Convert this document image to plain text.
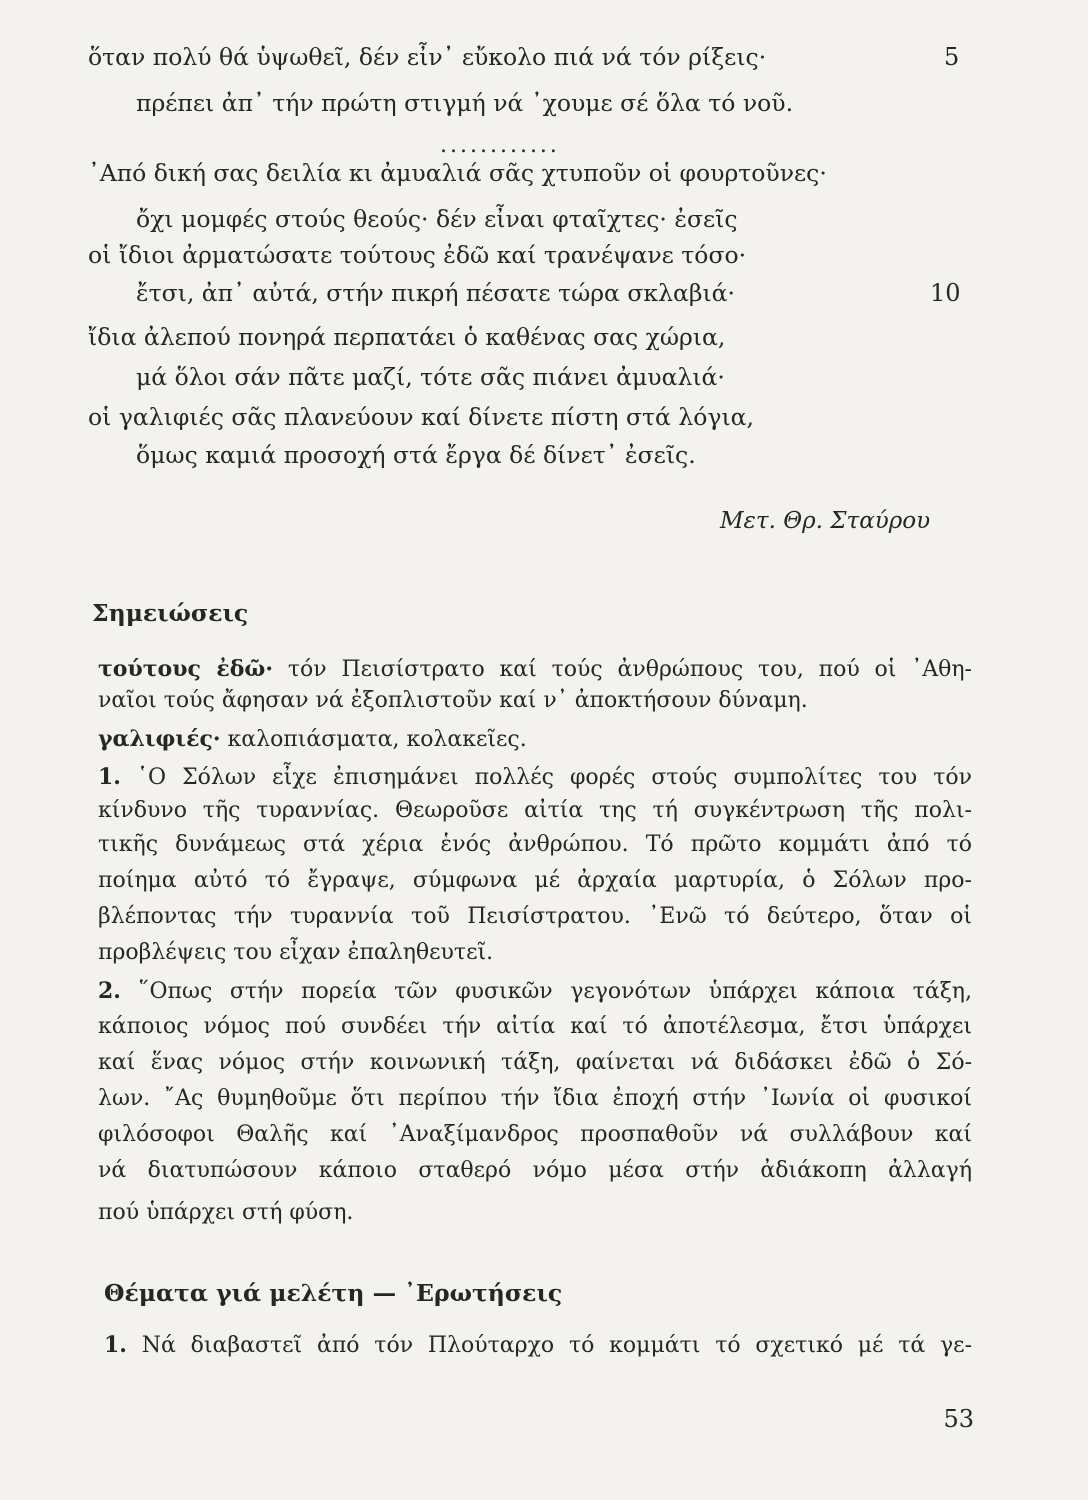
ὅταν πολύ θά ὑψωθεῖ, δέν εἶν᾽ εὔκολο πιά νά τόν ρίξεις·	5
πρέπει ἀπ᾽ τήν πρώτη στιγμή νά ᾽χουμε σέ ὅλα τό νοῦ.
............
᾽Από δική σας δειλία κι ἀμυαλιά σᾶς χτυποῦν οἱ φουρτοῦνες·
ὄχι μομφές στούς θεούς· δέν εἶναι φταῖχτες· ἐσεῖς
οἱ ἴδιοι ἀρματώσατε τούτους ἐδῶ καί τρανέψανε τόσο·
ἔτσι, ἀπ᾽ αὐτά, στήν πικρή πέσατε τώρα σκλαβιά·	10
ἴδια ἀλεπού πονηρά περπατάει ὁ καθένας σας χώρια,
μά ὅλοι σάν πᾶτε μαζί, τότε σᾶς πιάνει ἀμυαλιά·
οἱ γαλιφιές σᾶς πλανεύουν καί δίνετε πίστη στά λόγια,
ὅμως καμιά προσοχή στά ἔργα δέ δίνετ᾽ ἐσεῖς.
Μετ. Θρ. Σταύρου
Σημειώσεις
τούτους ἐδῶ· τόν Πεισίστρατο καί τούς ἀνθρώπους του, πού οἱ ᾽Αθη-
ναῖοι τούς ἄφησαν νά ἐξοπλιστοῦν καί ν᾽ ἀποκτήσουν δύναμη.
γαλιφιές· καλοπιάσματα, κολακεῖες.
1. ῾Ο Σόλων εἶχε ἐπισημάνει πολλές φορές στούς συμπολίτες του τόν
κίνδυνο τῆς τυραννίας. Θεωροῦσε αἰτία της τή συγκέντρωση τῆς πολι-
τικῆς δυνάμεως στά χέρια ἑνός ἀνθρώπου. Τό πρῶτο κομμάτι ἀπό τό
ποίημα αὐτό τό ἔγραψε, σύμφωνα μέ ἀρχαία μαρτυρία, ὁ Σόλων προ-
βλέποντας τήν τυραννία τοῦ Πεισίστρατου. ᾽Ενῶ τό δεύτερο, ὅταν οἱ
προβλέψεις του εἶχαν ἐπαληθευτεῖ.
2. ῞Οπως στήν πορεία τῶν φυσικῶν γεγονότων ὑπάρχει κάποια τάξη,
κάποιος νόμος πού συνδέει τήν αἰτία καί τό ἀποτέλεσμα, ἔτσι ὑπάρχει
καί ἕνας νόμος στήν κοινωνική τάξη, φαίνεται νά διδάσκει ἐδῶ ὁ Σό-
λων. ῎Ας θυμηθοῦμε ὅτι περίπου τήν ἴδια ἐποχή στήν ᾽Ιωνία οἱ φυσικοί
φιλόσοφοι Θαλῆς καί ᾽Αναξίμανδρος προσπαθοῦν νά συλλάβουν καί
νά διατυπώσουν κάποιο σταθερό νόμο μέσα στήν ἀδιάκοπη ἀλλαγή
πού ὑπάρχει στή φύση.
Θέματα γιά μελέτη — ᾽Ερωτήσεις
1. Νά διαβαστεῖ ἀπό τόν Πλούταρχο τό κομμάτι τό σχετικό μέ τά γε-
53
